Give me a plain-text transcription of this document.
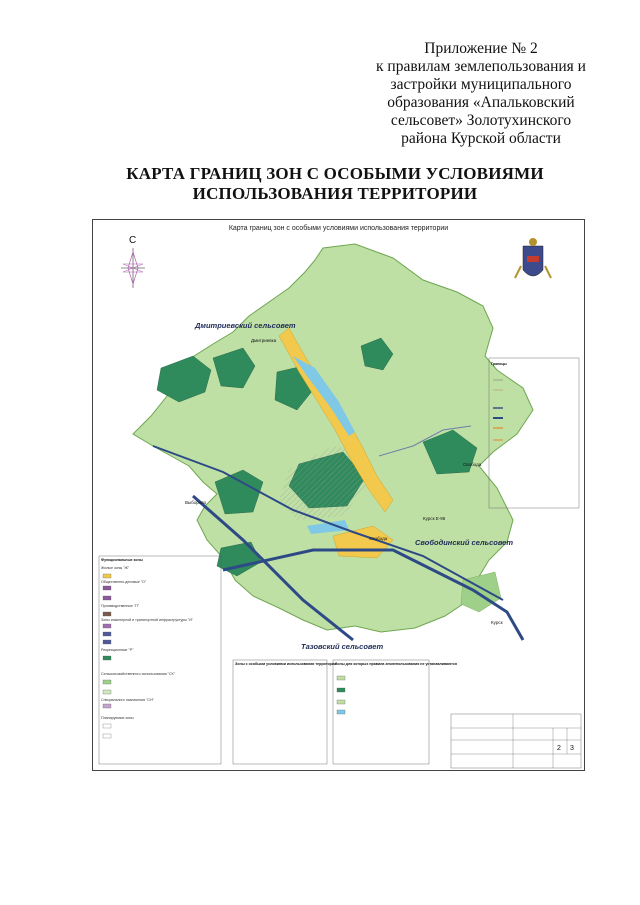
Приложение № 2
к правилам землепользования и
застройки муниципального
образования «Апальковский
сельсовет» Золотухинского
района Курской области
КАРТА ГРАНИЦ ЗОН С ОСОБЫМИ УСЛОВИЯМИ
ИСПОЛЬЗОВАНИЯ ТЕРРИТОРИИ
2 3
Карта границ зон с особыми условиями использования территории
С
Дмитриевский сельсовет
Свободинский сельсовет
Тазовский сельсовет
Дмитриевка
Выборово
Свобода
Курск
Курск Е-95
Свобода
Функциональные зоны
Жилые зоны "Ж"
Общественно-деловые "О"
Производственные "П"
Зоны инженерной и транспортной инфраструктуры "И"
Рекреационные "Р"
Сельскохозяйственного использования "СХ"
Специального назначения "СН"
Планируемые зоны
Зоны с особыми условиями использования территории
Зоны для которых правила землепользования не устанавливаются
Границы
